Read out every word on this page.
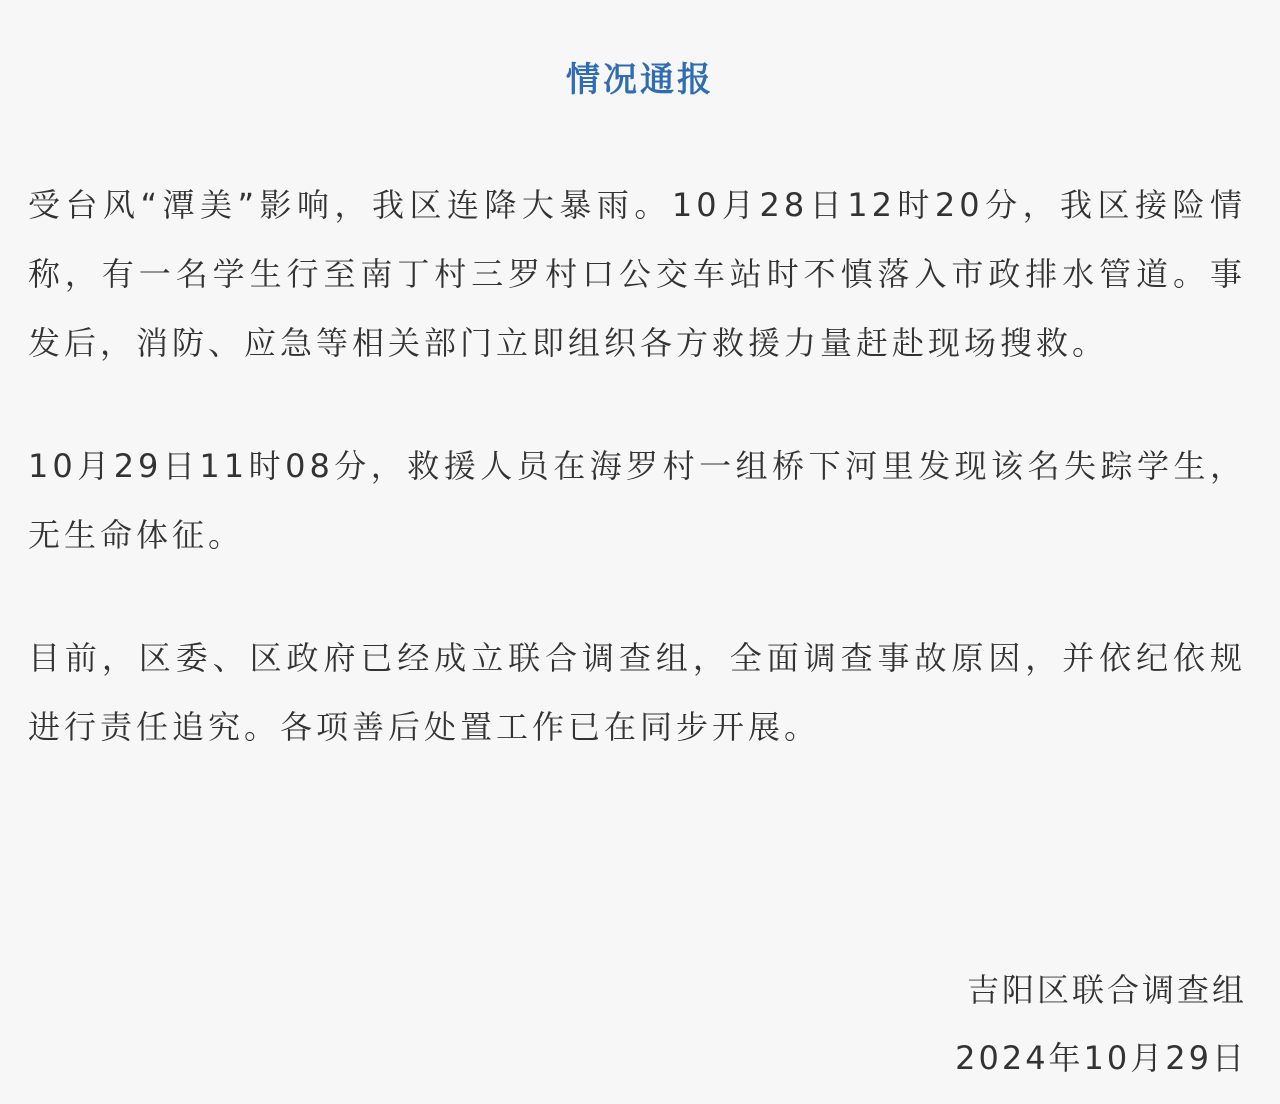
情况通报
受台风“潭美”影响，我区连降大暴雨。10月28日12时20分，我区接险情
称，有一名学生行至南丁村三罗村口公交车站时不慎落入市政排水管道。事
发后，消防、应急等相关部门立即组织各方救援力量赶赴现场搜救。
10月29日11时08分，救援人员在海罗村一组桥下河里发现该名失踪学生，
无生命体征。
目前，区委、区政府已经成立联合调查组，全面调查事故原因，并依纪依规
进行责任追究。各项善后处置工作已在同步开展。
吉阳区联合调查组
2024年10月29日
